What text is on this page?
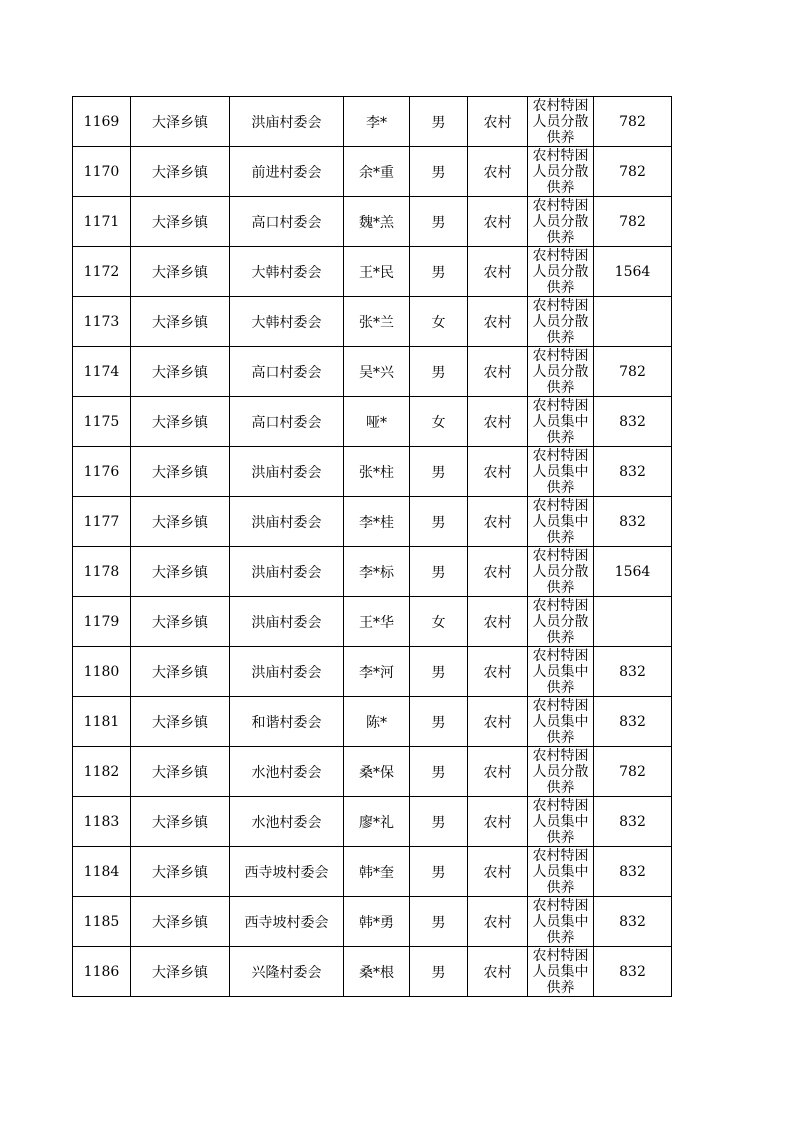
1169	大泽乡镇	洪庙村委会	李*	男	农村	农村特困人员分散供养	782
1170	大泽乡镇	前进村委会	余*重	男	农村	农村特困人员分散供养	782
1171	大泽乡镇	高口村委会	魏*羔	男	农村	农村特困人员分散供养	782
1172	大泽乡镇	大韩村委会	王*民	男	农村	农村特困人员分散供养	1564
1173	大泽乡镇	大韩村委会	张*兰	女	农村	农村特困人员分散供养	

1174	大泽乡镇	高口村委会	吴*兴	男	农村	农村特困人员分散供养	782
1175	大泽乡镇	高口村委会	哑*	女	农村	农村特困人员集中供养	832
1176	大泽乡镇	洪庙村委会	张*柱	男	农村	农村特困人员集中供养	832
1177	大泽乡镇	洪庙村委会	李*桂	男	农村	农村特困人员集中供养	832
1178	大泽乡镇	洪庙村委会	李*标	男	农村	农村特困人员分散供养	1564
1179	大泽乡镇	洪庙村委会	王*华	女	农村	农村特困人员分散供养	

1180	大泽乡镇	洪庙村委会	李*河	男	农村	农村特困人员集中供养	832
1181	大泽乡镇	和谐村委会	陈*	男	农村	农村特困人员集中供养	832
1182	大泽乡镇	水池村委会	桑*保	男	农村	农村特困人员分散供养	782
1183	大泽乡镇	水池村委会	廖*礼	男	农村	农村特困人员集中供养	832
1184	大泽乡镇	西寺坡村委会	韩*奎	男	农村	农村特困人员集中供养	832
1185	大泽乡镇	西寺坡村委会	韩*勇	男	农村	农村特困人员集中供养	832
1186	大泽乡镇	兴隆村委会	桑*根	男	农村	农村特困人员集中供养	832
